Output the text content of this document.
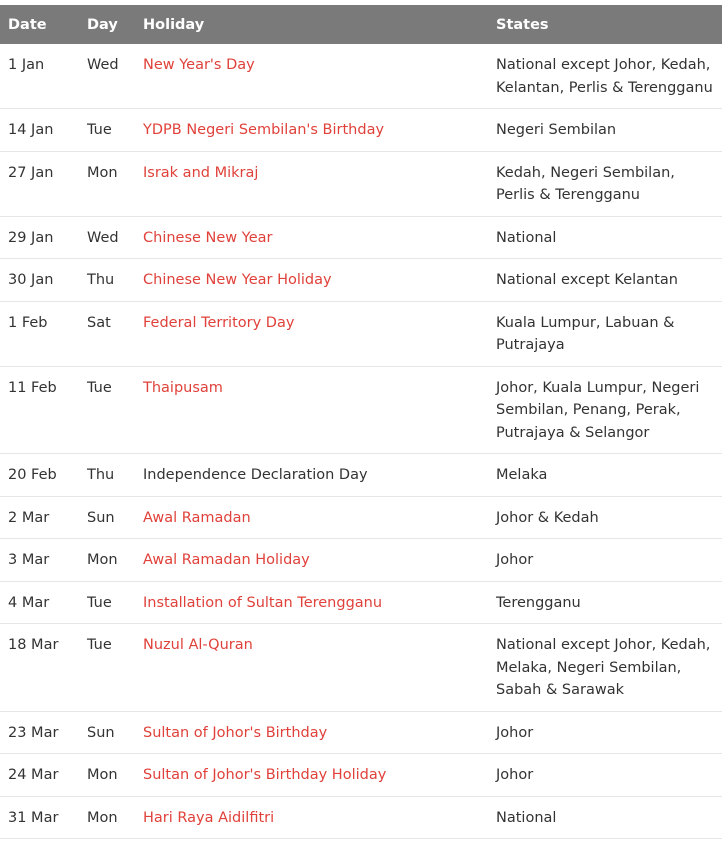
Date	Day	Holiday	States
1 Jan	Wed	New Year's Day	National except Johor, Kedah, Kelantan, Perlis & Terengganu
14 Jan	Tue	YDPB Negeri Sembilan's Birthday	Negeri Sembilan
27 Jan	Mon	Israk and Mikraj	Kedah, Negeri Sembilan, Perlis & Terengganu
29 Jan	Wed	Chinese New Year	National
30 Jan	Thu	Chinese New Year Holiday	National except Kelantan
1 Feb	Sat	Federal Territory Day	Kuala Lumpur, Labuan & Putrajaya
11 Feb	Tue	Thaipusam	Johor, Kuala Lumpur, Negeri Sembilan, Penang, Perak, Putrajaya & Selangor
20 Feb	Thu	Independence Declaration Day	Melaka
2 Mar	Sun	Awal Ramadan	Johor & Kedah
3 Mar	Mon	Awal Ramadan Holiday	Johor
4 Mar	Tue	Installation of Sultan Terengganu	Terengganu
18 Mar	Tue	Nuzul Al-Quran	National except Johor, Kedah, Melaka, Negeri Sembilan, Sabah & Sarawak
23 Mar	Sun	Sultan of Johor's Birthday	Johor
24 Mar	Mon	Sultan of Johor's Birthday Holiday	Johor
31 Mar	Mon	Hari Raya Aidilfitri	National
